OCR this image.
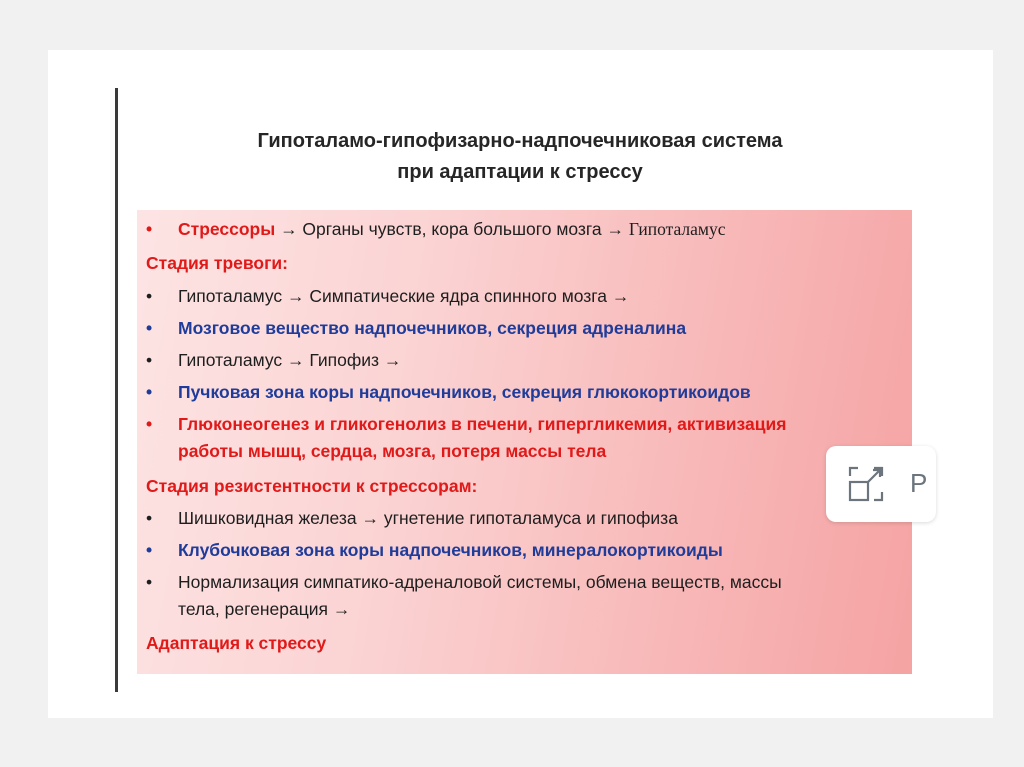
Гипоталамо-гипофизарно-надпочечниковая система
при адаптации к стрессу
•	Стрессоры → Органы чувств, кора большого мозга → Гипоталамус
Стадия тревоги:
•	Гипоталамус → Симпатические ядра спинного мозга →
•	Мозговое вещество надпочечников, секреция адреналина
•	Гипоталамус → Гипофиз →
•	Пучковая зона коры надпочечников, секреция глюкокортикоидов
•	Глюконеогенез и гликогенолиз в печени, гипергликемия, активизация
работы мышц, сердца, мозга, потеря массы тела
Стадия резистентности к стрессорам:
•	Шишковидная железа → угнетение гипоталамуса и гипофиза
•	Клубочковая зона коры надпочечников, минералокортикоиды
•	Нормализация симпатико-адреналовой системы, обмена веществ, массы
тела, регенерация →
Адаптация к стрессу
Р
